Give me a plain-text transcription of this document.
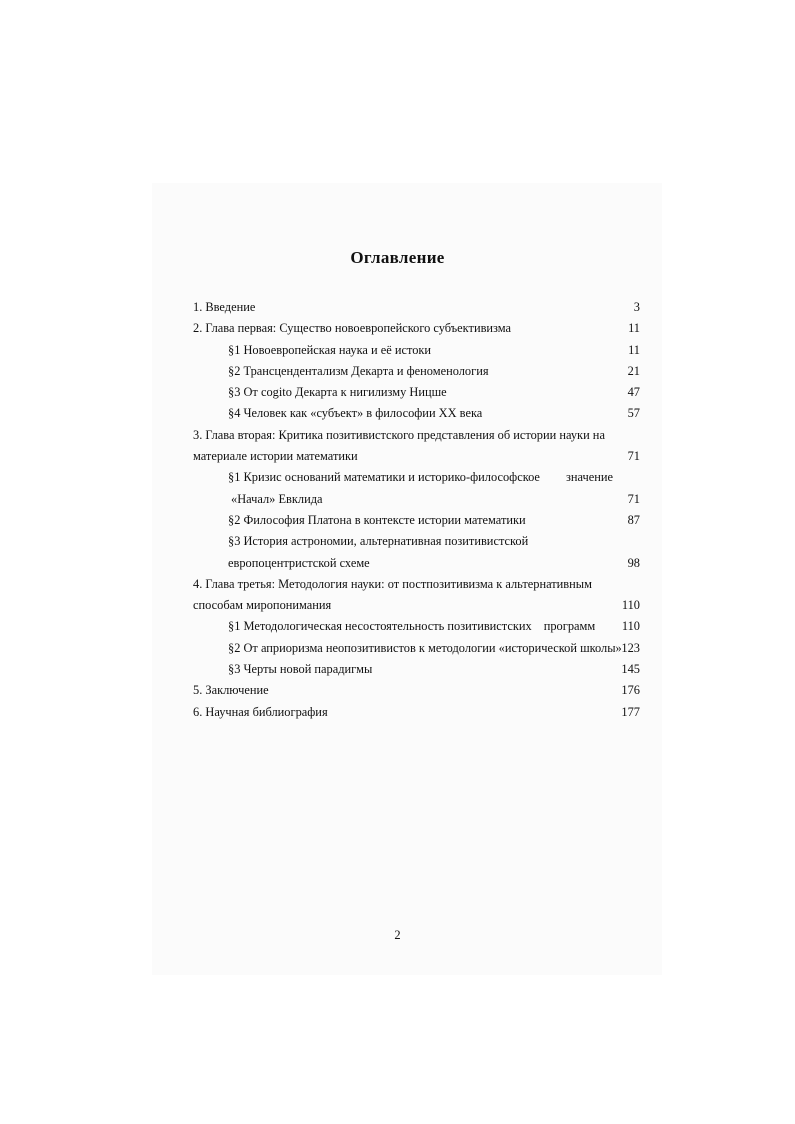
Оглавление
1. Введение	3
2. Глава первая: Существо новоевропейского субъективизма	11
§1 Новоевропейская наука и её истоки	11
§2 Трансцендентализм Декарта и феноменология	21
§3 От cogito Декарта к нигилизму Ницше	47
§4 Человек как «субъект» в философии XX века	57
3. Глава вторая: Критика позитивистского представления об истории науки на
материале истории математики	71
§1 Кризис оснований математики и историко-философское значение
«Начал» Евклида	71
§2 Философия Платона в контексте истории математики	87
§3 История астрономии, альтернативная позитивистской
европоцентристской схеме	98
4. Глава третья: Методология науки: от постпозитивизма к альтернативным
способам миропонимания	110
§1 Методологическая несостоятельность позитивистских программ 110
§2 От априоризма неопозитивистов к методологии «исторической школы» 123
§3 Черты новой парадигмы	145
5. Заключение	176
6. Научная библиография	177
2
